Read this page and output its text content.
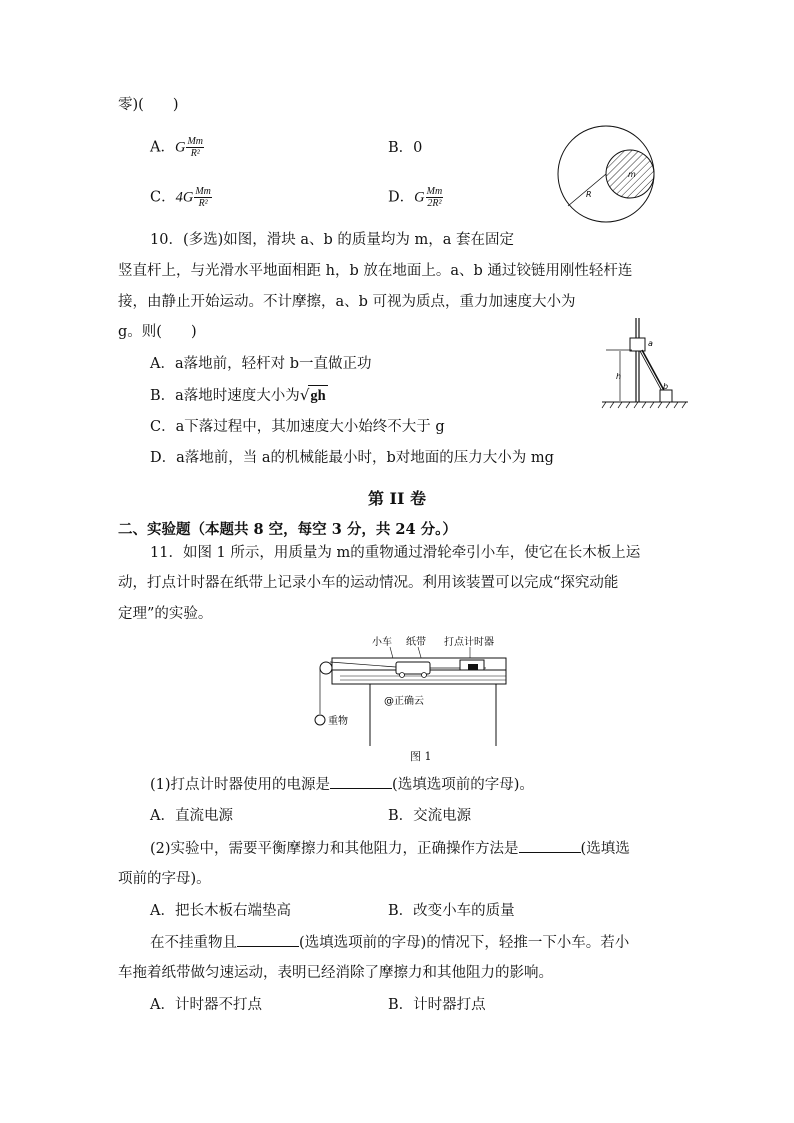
零)(　　)
A．G $\frac{Mm}{\text{R²}}$	B．0
C．$4G \frac{Mm}{\text{R²}}$	D．G $\frac{Mm}{\text{2R²}}$
m
R
10．(多选)如图，滑块 a、b 的质量均为 m，a 套在固定
竖直杆上，与光滑水平地面相距 h，b 放在地面上。a、b 通过铰链用刚性轻杆连
接，由静止开始运动。不计摩擦，a、b 可视为质点，重力加速度大小为
g。则(　　)
A．a落地前，轻杆对 b一直做正功
B．a落地时速度大小为√gh
C．a下落过程中，其加速度大小始终不大于 g
D．a落地前，当 a的机械能最小时，b对地面的压力大小为 mg
a
b
h
第 II 卷
二、实验题（本题共 8 空，每空 3 分，共 24 分。）
11．如图 1 所示，用质量为 m的重物通过滑轮牵引小车，使它在长木板上运
动，打点计时器在纸带上记录小车的运动情况。利用该装置可以完成“探究动能
定理”的实验。
小车 纸带 打点计时器
重物
@正确云
图 1
(1)打点计时器使用的电源是	(选填选项前的字母)。
A．直流电源	B．交流电源
(2)实验中，需要平衡摩擦力和其他阻力，正确操作方法是	(选填选
项前的字母)。
A．把长木板右端垫高	B．改变小车的质量
在不挂重物且	(选填选项前的字母)的情况下，轻推一下小车。若小
车拖着纸带做匀速运动，表明已经消除了摩擦力和其他阻力的影响。
A．计时器不打点	B．计时器打点
